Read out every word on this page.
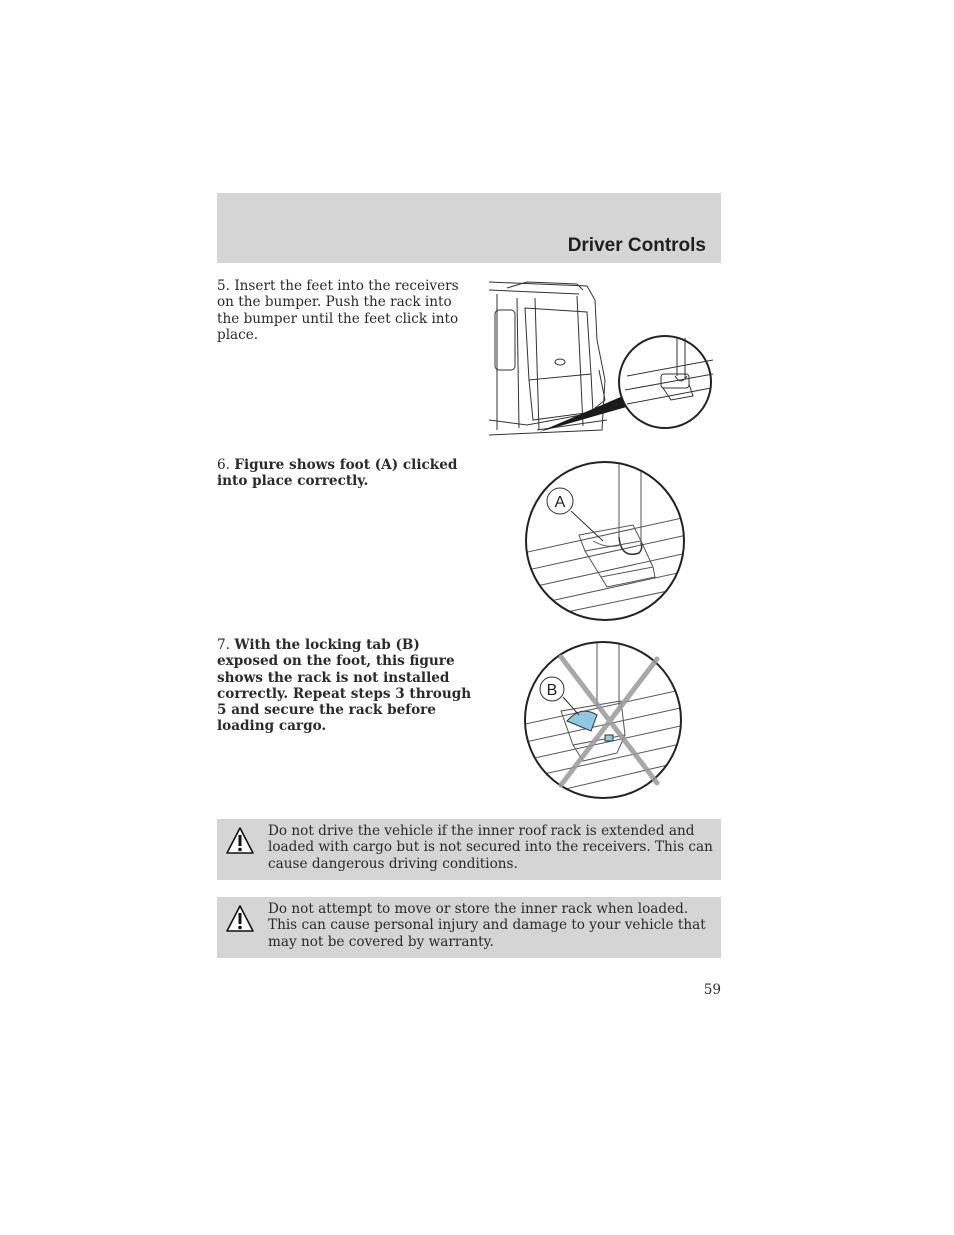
Driver Controls
5. Insert the feet into the receivers on the bumper. Push the rack into the bumper until the feet click into place.
6. Figure shows foot (A) clicked into place correctly.
A
7. With the locking tab (B) exposed on the foot, this figure shows the rack is not installed correctly. Repeat steps 3 through 5 and secure the rack before loading cargo.
B
Do not drive the vehicle if the inner roof rack is extended and loaded with cargo but is not secured into the receivers. This can cause dangerous driving conditions.
Do not attempt to move or store the inner rack when loaded. This can cause personal injury and damage to your vehicle that may not be covered by warranty.
59
